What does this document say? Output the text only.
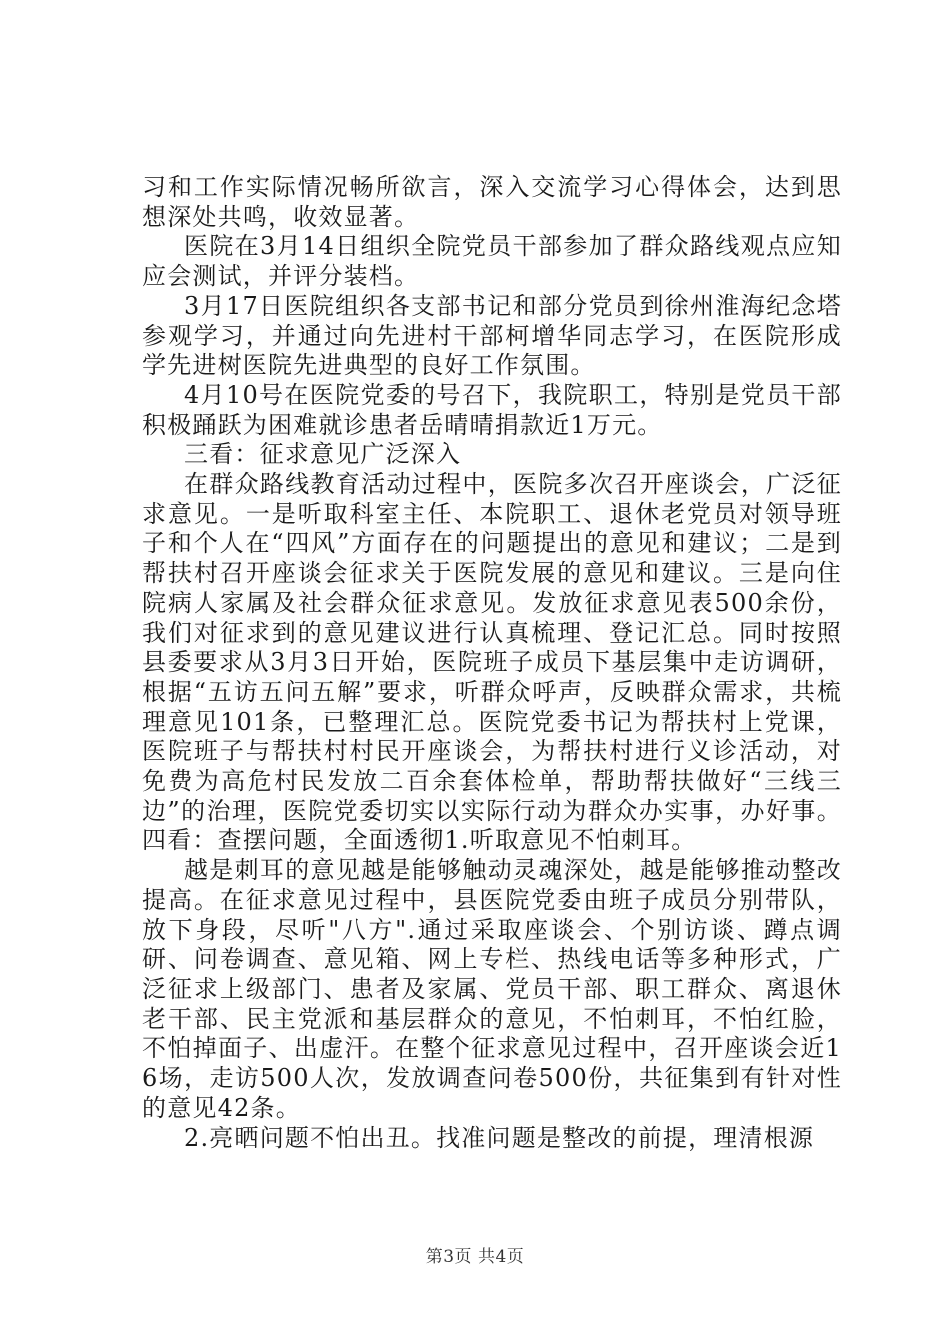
习和工作实际情况畅所欲言，深入交流学习心得体会，达到思想深处共鸣，收效显著。

医院在3月14日组织全院党员干部参加了群众路线观点应知应会测试，并评分装档。

3月17日医院组织各支部书记和部分党员到徐州淮海纪念塔参观学习，并通过向先进村干部柯增华同志学习，在医院形成学先进树医院先进典型的良好工作氛围。

4月10号在医院党委的号召下，我院职工，特别是党员干部积极踊跃为困难就诊患者岳晴晴捐款近1万元。

三看：征求意见广泛深入

在群众路线教育活动过程中，医院多次召开座谈会，广泛征求意见。一是听取科室主任、本院职工、退休老党员对领导班子和个人在“四风”方面存在的问题提出的意见和建议；二是到帮扶村召开座谈会征求关于医院发展的意见和建议。三是向住院病人家属及社会群众征求意见。发放征求意见表500余份，我们对征求到的意见建议进行认真梳理、登记汇总。同时按照县委要求从3月3日开始，医院班子成员下基层集中走访调研，根据“五访五问五解”要求，听群众呼声，反映群众需求，共梳理意见101条，已整理汇总。医院党委书记为帮扶村上党课，医院班子与帮扶村村民开座谈会，为帮扶村进行义诊活动，对免费为高危村民发放二百余套体检单，帮助帮扶做好“三线三边”的治理，医院党委切实以实际行动为群众办实事，办好事。四看：查摆问题，全面透彻1.听取意见不怕刺耳。

越是刺耳的意见越是能够触动灵魂深处，越是能够推动整改提高。在征求意见过程中，县医院党委由班子成员分别带队，放下身段，尽听"八方".通过采取座谈会、个别访谈、蹲点调研、问卷调查、意见箱、网上专栏、热线电话等多种形式，广泛征求上级部门、患者及家属、党员干部、职工群众、离退休老干部、民主党派和基层群众的意见，不怕刺耳，不怕红脸，不怕掉面子、出虚汗。在整个征求意见过程中，召开座谈会近16场，走访500人次，发放调查问卷500份，共征集到有针对性的意见42条。

2.亮晒问题不怕出丑。找准问题是整改的前提，理清根源

第3页 共4页
